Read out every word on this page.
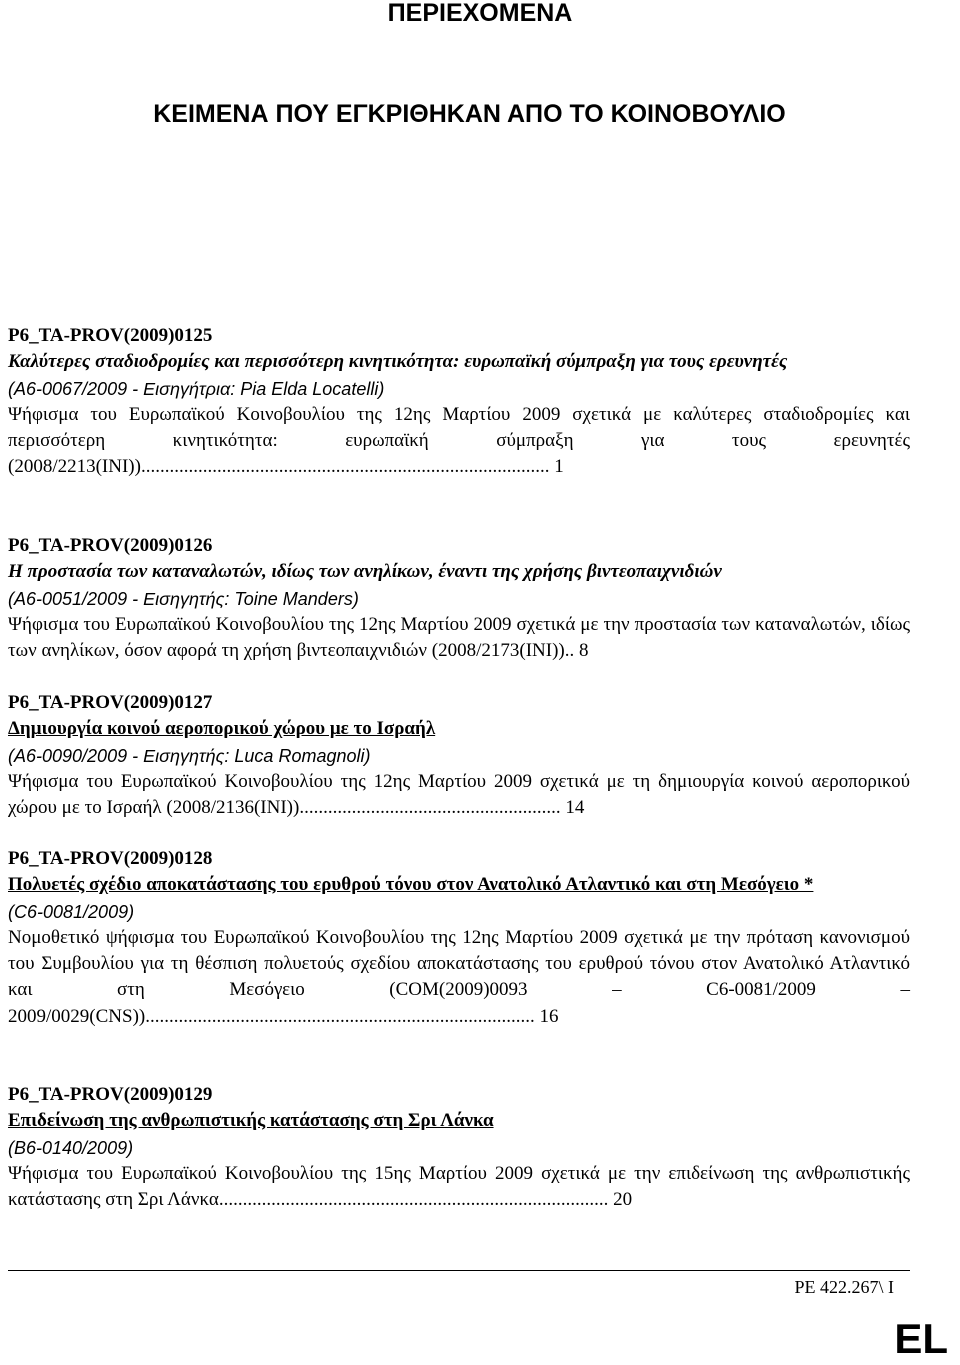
ΠΕΡΙΕΧΟΜΕΝΑ
ΚΕΙΜΕΝΑ ΠΟΥ ΕΓΚΡΙΘΗΚΑΝ ΑΠΟ ΤΟ ΚΟΙΝΟΒΟΥΛΙΟ
P6_TA-PROV(2009)0125
Καλύτερες σταδιοδρομίες και περισσότερη κινητικότητα: ευρωπαϊκή σύμπραξη για τους ερευνητές
(A6-0067/2009 - Εισηγήτρια: Pia Elda Locatelli)
Ψήφισμα του Ευρωπαϊκού Κοινοβουλίου της 12ης Μαρτίου 2009 σχετικά με καλύτερες σταδιοδρομίες και περισσότερη κινητικότητα: ευρωπαϊκή σύμπραξη για τους ερευνητές (2008/2213(INI))...................................................................................... 1
P6_TA-PROV(2009)0126
Η προστασία των καταναλωτών, ιδίως των ανηλίκων, έναντι της χρήσης βιντεοπαιχνιδιών
(A6-0051/2009 - Εισηγητής: Toine Manders)
Ψήφισμα του Ευρωπαϊκού Κοινοβουλίου της 12ης Μαρτίου 2009 σχετικά με την προστασία των καταναλωτών, ιδίως των ανηλίκων, όσον αφορά τη χρήση βιντεοπαιχνιδιών (2008/2173(INI)).. 8
P6_TA-PROV(2009)0127
Δημιουργία κοινού αεροπορικού χώρου με το Ισραήλ
(A6-0090/2009 - Εισηγητής: Luca Romagnoli)
Ψήφισμα του Ευρωπαϊκού Κοινοβουλίου της 12ης Μαρτίου 2009 σχετικά με τη δημιουργία κοινού αεροπορικού χώρου με το Ισραήλ (2008/2136(INI))....................................................... 14
P6_TA-PROV(2009)0128
Πολυετές σχέδιο αποκατάστασης του ερυθρού τόνου στον Ανατολικό Ατλαντικό και στη Μεσόγειο *
(C6-0081/2009)
Νομοθετικό ψήφισμα του Ευρωπαϊκού Κοινοβουλίου της 12ης Μαρτίου 2009 σχετικά με την πρόταση κανονισμού του Συμβουλίου για τη θέσπιση πολυετούς σχεδίου αποκατάστασης του ερυθρού τόνου στον Ανατολικό Ατλαντικό και στη Μεσόγειο (COM(2009)0093 – C6-0081/2009 – 2009/0029(CNS)).................................................................................. 16
P6_TA-PROV(2009)0129
Επιδείνωση της ανθρωπιστικής κατάστασης στη Σρι Λάνκα
(B6-0140/2009)
Ψήφισμα του Ευρωπαϊκού Κοινοβουλίου της 15ης Μαρτίου 2009 σχετικά με την επιδείνωση της ανθρωπιστικής κατάστασης στη Σρι Λάνκα.................................................................................. 20
PE 422.267\ I
EL
